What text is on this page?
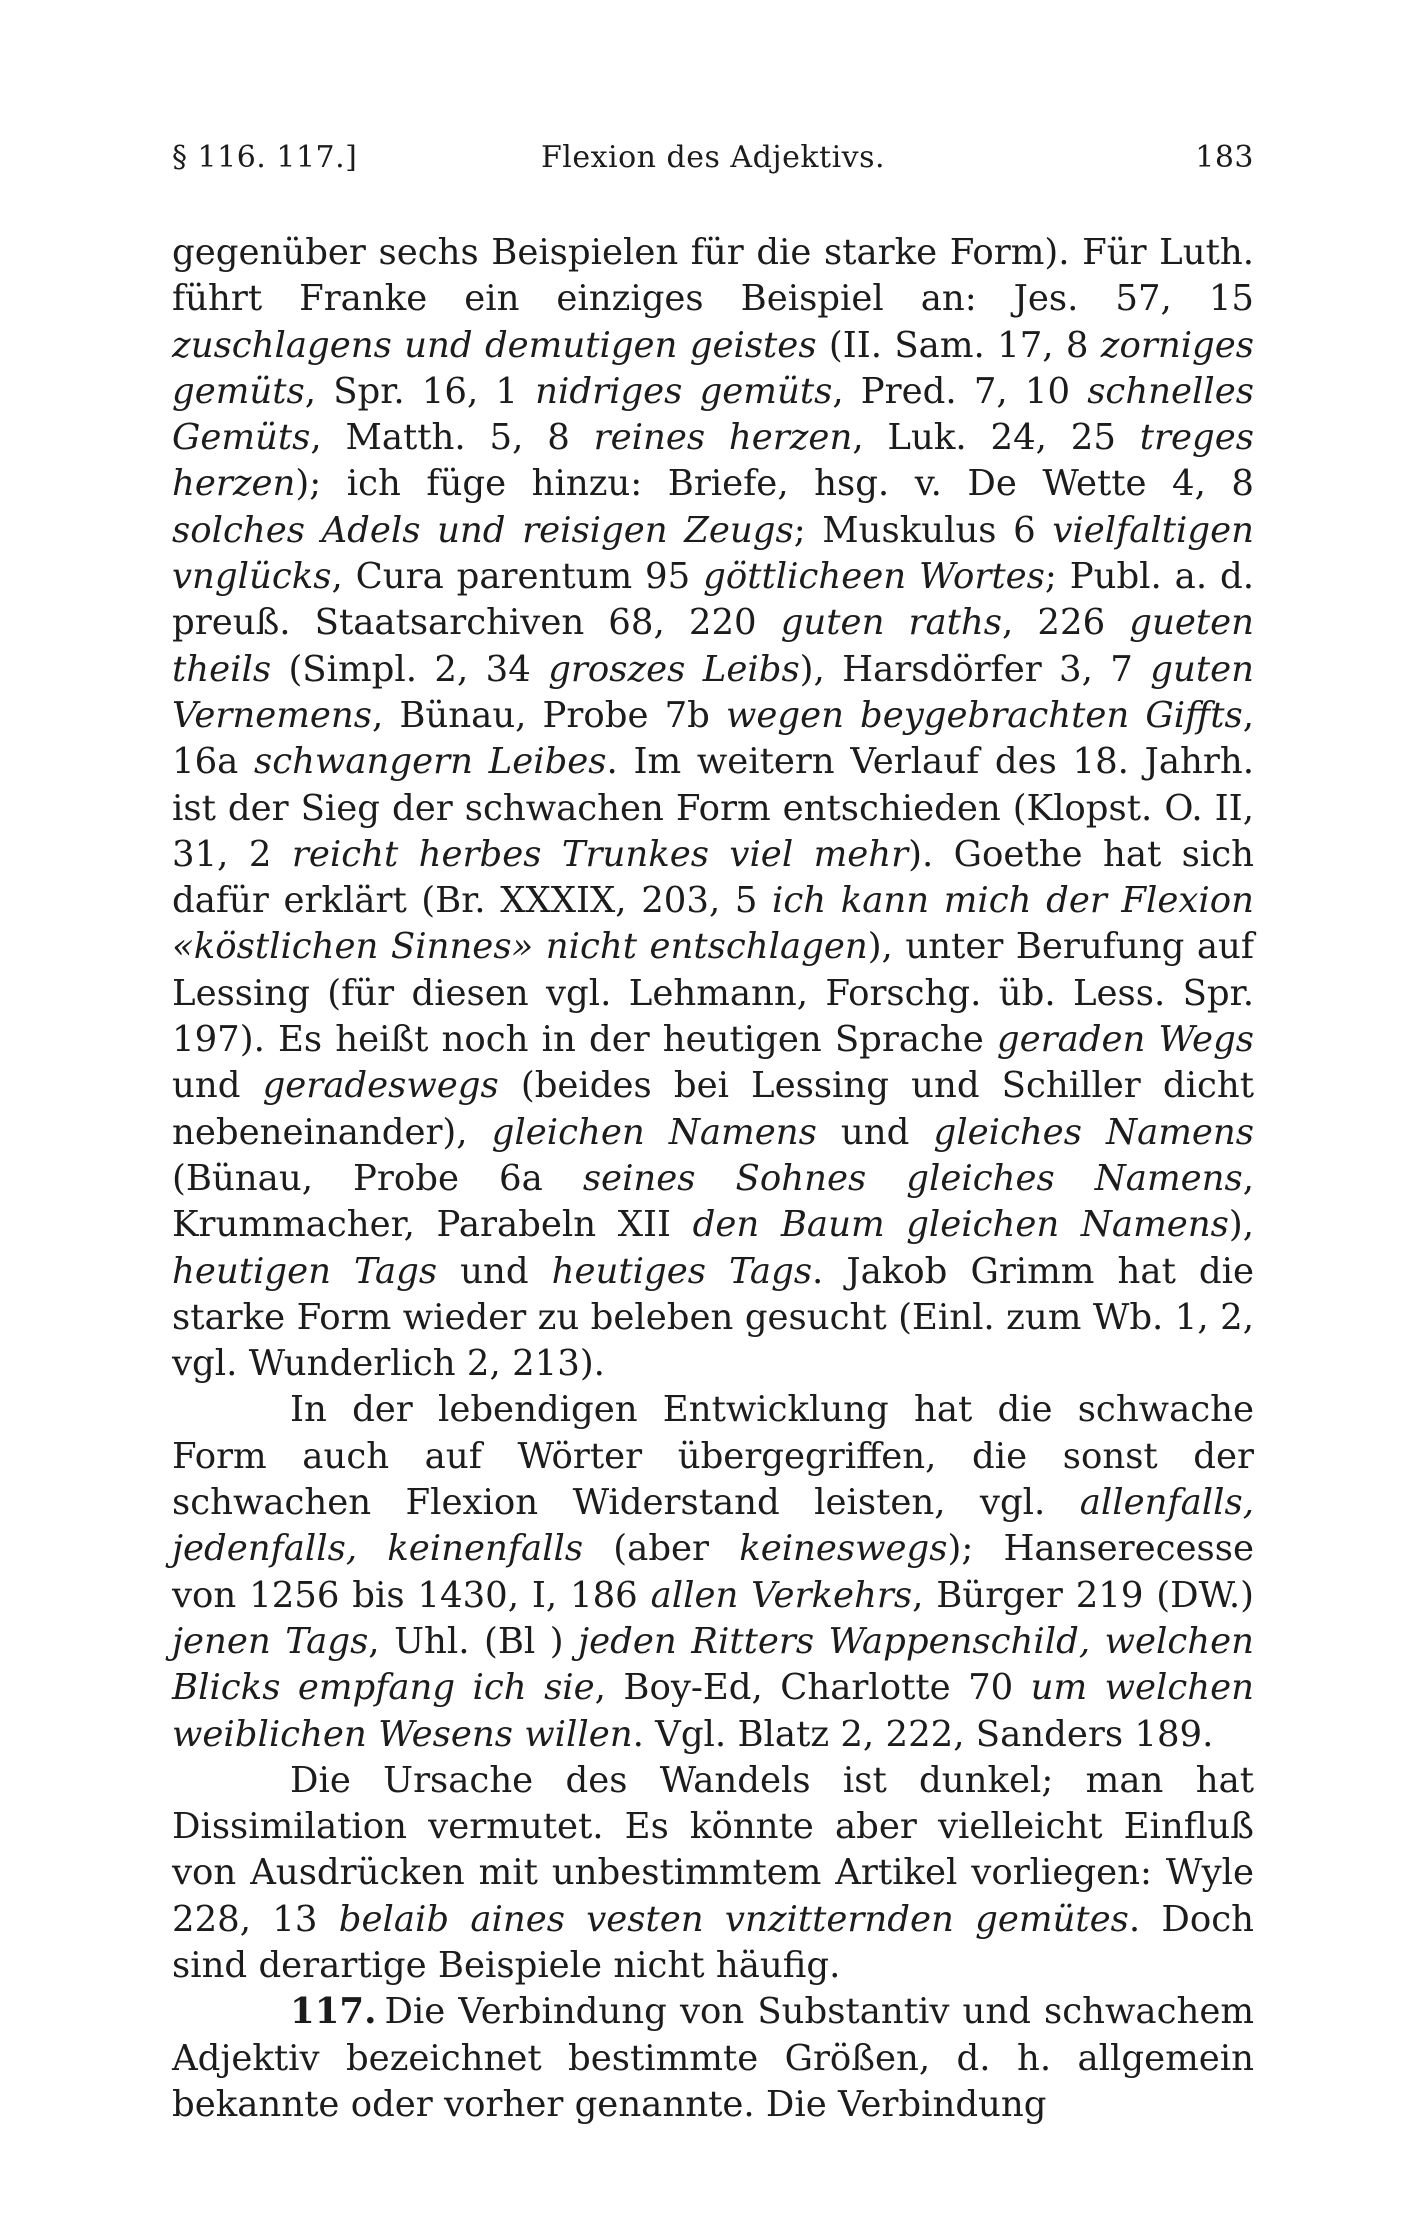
§ 116. 117.]	Flexion des Adjektivs.	183

gegenüber sechs Beispielen für die starke Form). Für Luth. führt Franke ein einziges Beispiel an: Jes. 57, 15 zuschlagens und demutigen geistes (II. Sam. 17, 8 zorniges gemüts, Spr. 16, 1 nidriges gemüts, Pred. 7, 10 schnelles Gemüts, Matth. 5, 8 reines herzen, Luk. 24, 25 treges herzen); ich füge hinzu: Briefe, hsg. v. De Wette 4, 8 solches Adels und reisigen Zeugs; Muskulus 6 vielfaltigen vnglücks, Cura parentum 95 göttlicheen Wortes; Publ. a. d. preuß. Staatsarchiven 68, 220 guten raths, 226 gueten theils (Simpl. 2, 34 groszes Leibs), Harsdörfer 3, 7 guten Vernemens, Bünau, Probe 7b wegen beygebrachten Giffts, 16a schwangern Leibes. Im weitern Verlauf des 18. Jahrh. ist der Sieg der schwachen Form entschieden (Klopst. O. II, 31, 2 reicht herbes Trunkes viel mehr). Goethe hat sich dafür erklärt (Br. XXXIX, 203, 5 ich kann mich der Flexion «köstlichen Sinnes» nicht entschlagen), unter Berufung auf Lessing (für diesen vgl. Lehmann, Forschg. üb. Less. Spr. 197). Es heißt noch in der heutigen Sprache geraden Wegs und geradeswegs (beides bei Lessing und Schiller dicht nebeneinander), gleichen Namens und gleiches Namens (Bünau, Probe 6a seines Sohnes gleiches Namens, Krummacher, Parabeln XII den Baum gleichen Namens), heutigen Tags und heutiges Tags. Jakob Grimm hat die starke Form wieder zu beleben gesucht (Einl. zum Wb. 1, 2, vgl. Wunderlich 2, 213).

In der lebendigen Entwicklung hat die schwache Form auch auf Wörter übergegriffen, die sonst der schwachen Flexion Widerstand leisten, vgl. allenfalls, jedenfalls, keinenfalls (aber keineswegs); Hanserecesse von 1256 bis 1430, I, 186 allen Verkehrs, Bürger 219 (DW.) jenen Tags, Uhl. (Bl ) jeden Ritters Wappenschild, welchen Blicks empfang ich sie, Boy-Ed, Charlotte 70 um welchen weiblichen Wesens willen. Vgl. Blatz 2, 222, Sanders 189.

Die Ursache des Wandels ist dunkel; man hat Dissimilation vermutet. Es könnte aber vielleicht Einfluß von Ausdrücken mit unbestimmtem Artikel vorliegen: Wyle 228, 13 belaib aines vesten vnzitternden gemütes. Doch sind derartige Beispiele nicht häufig.

117. Die Verbindung von Substantiv und schwachem Adjektiv bezeichnet bestimmte Größen, d. h. allgemein bekannte oder vorher genannte. Die Verbindung
